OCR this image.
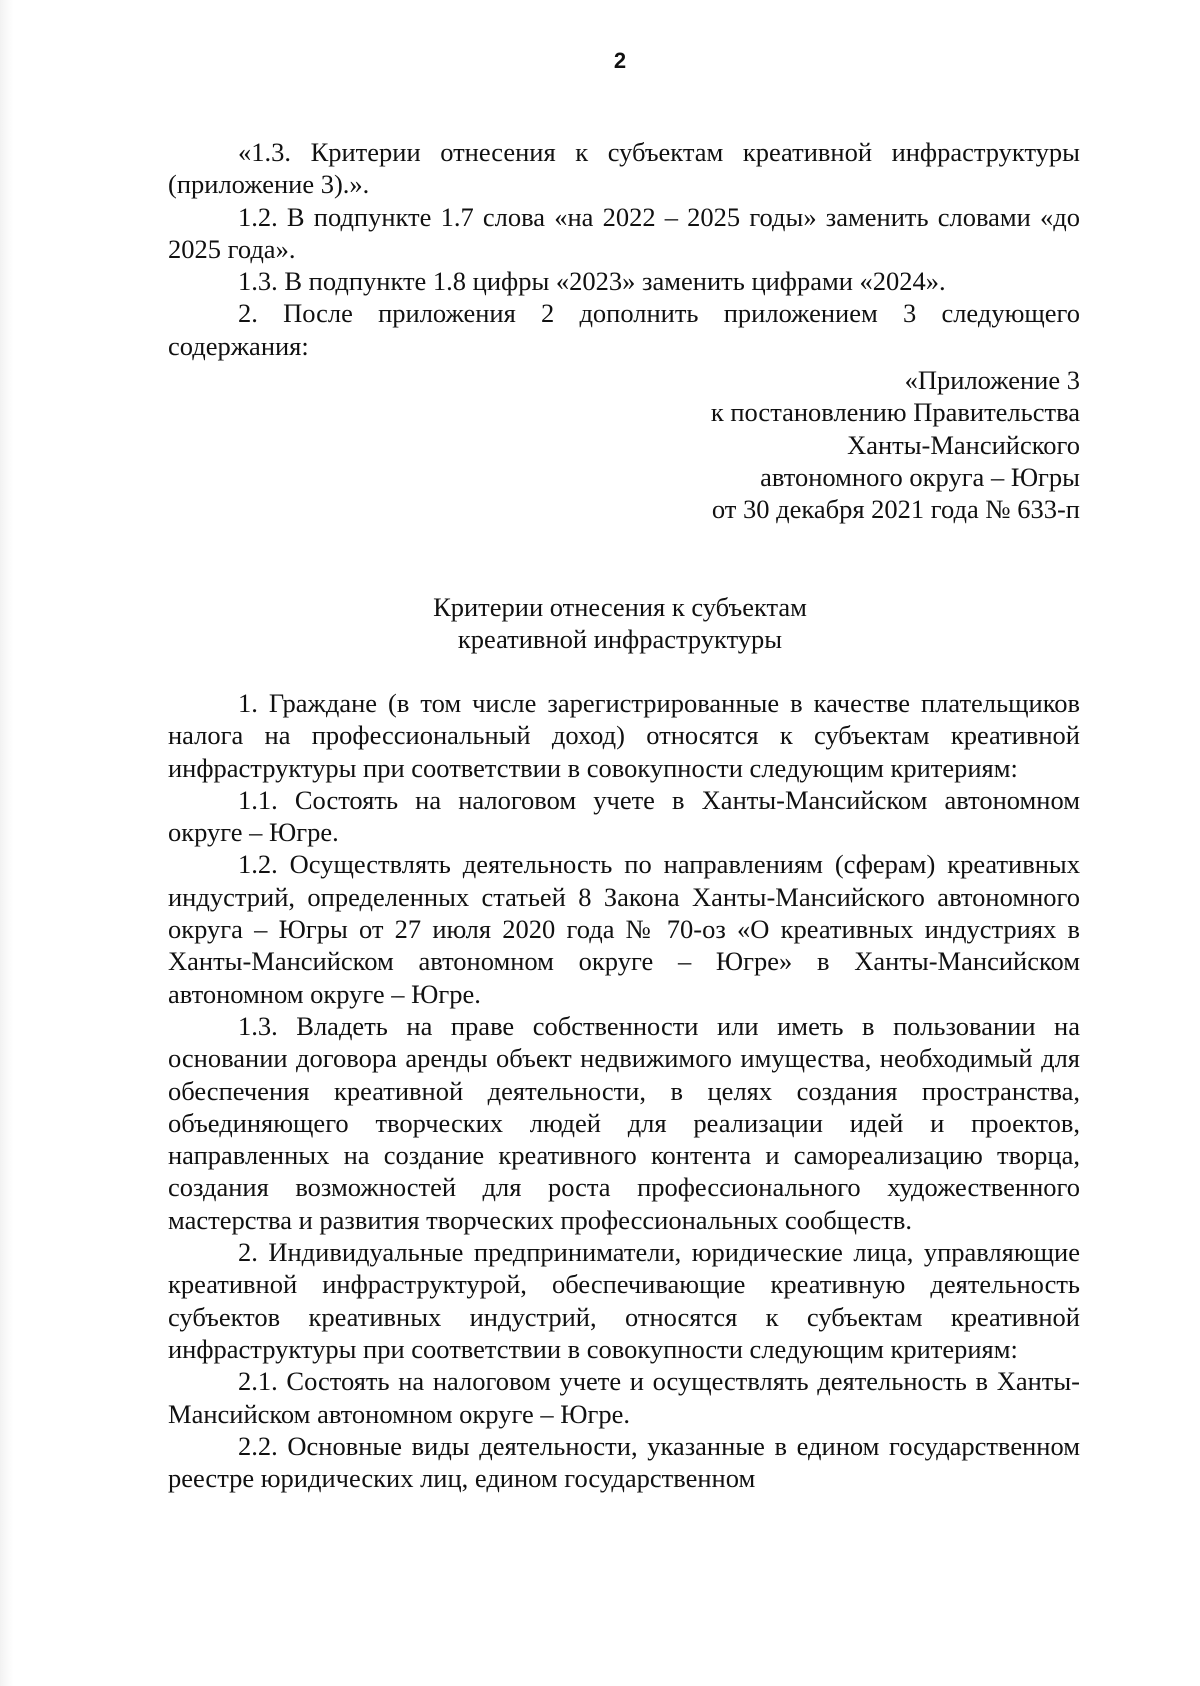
2

«1.3. Критерии отнесения к субъектам креативной инфраструктуры (приложение 3).».

1.2. В подпункте 1.7 слова «на 2022 – 2025 годы» заменить словами «до 2025 года».

1.3. В подпункте 1.8 цифры «2023» заменить цифрами «2024».

2. После приложения 2 дополнить приложением 3 следующего содержания:

«Приложение 3
к постановлению Правительства
Ханты-Мансийского
автономного округа – Югры
от 30 декабря 2021 года № 633-п
Критерии отнесения к субъектам
креативной инфраструктуры

1. Граждане (в том числе зарегистрированные в качестве плательщиков налога на профессиональный доход) относятся к субъектам креативной инфраструктуры при соответствии в совокупности следующим критериям:

1.1. Состоять на налоговом учете в Ханты-Мансийском автономном округе – Югре.

1.2. Осуществлять деятельность по направлениям (сферам) креативных индустрий, определенных статьей 8 Закона Ханты-Мансийского автономного округа – Югры от 27 июля 2020 года № 70-оз «О креативных индустриях в Ханты-Мансийском автономном округе – Югре» в Ханты-Мансийском автономном округе – Югре.

1.3. Владеть на праве собственности или иметь в пользовании на основании договора аренды объект недвижимого имущества, необходимый для обеспечения креативной деятельности, в целях создания пространства, объединяющего творческих людей для реализации идей и проектов, направленных на создание креативного контента и самореализацию творца, создания возможностей для роста профессионального художественного мастерства и развития творческих профессиональных сообществ.

2. Индивидуальные предприниматели, юридические лица, управляющие креативной инфраструктурой, обеспечивающие креативную деятельность субъектов креативных индустрий, относятся к субъектам креативной инфраструктуры при соответствии в совокупности следующим критериям:

2.1. Состоять на налоговом учете и осуществлять деятельность в Ханты-Мансийском автономном округе – Югре.

2.2. Основные виды деятельности, указанные в едином государственном реестре юридических лиц, едином государственном
